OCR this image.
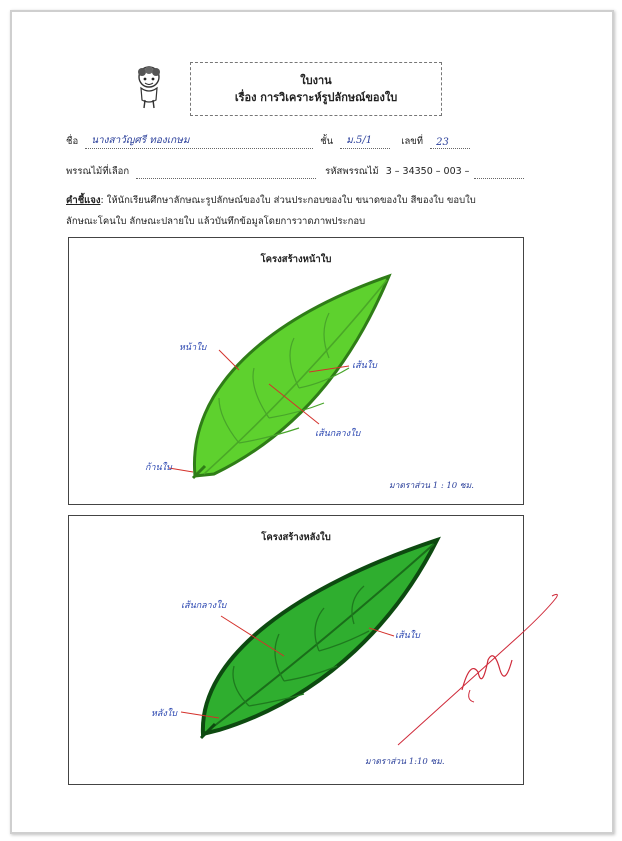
ใบงาน
เรื่อง การวิเคราะห์รูปลักษณ์ของใบ
ชื่อ นางสาวัญศรี ทองเกษม	ชั้น ม.5/1	เลขที่ 23
พรรณไม้ที่เลือก	รหัสพรรณไม้ 3 – 34350 – 003 –
คำชี้แจง: ให้นักเรียนศึกษาลักษณะรูปลักษณ์ของใบ ส่วนประกอบของใบ ขนาดของใบ สีของใบ ขอบใบ
ลักษณะโคนใบ ลักษณะปลายใบ แล้วบันทึกข้อมูลโดยการวาดภาพประกอบ
โครงสร้างหน้าใบ
หน้าใบ
เส้นใบ
เส้นกลางใบ
ก้านใบ
มาตราส่วน 1 : 10 ซม.
โครงสร้างหลังใบ
เส้นกลางใบ
เส้นใบ
หลังใบ
มาตราส่วน 1:10 ซม.
